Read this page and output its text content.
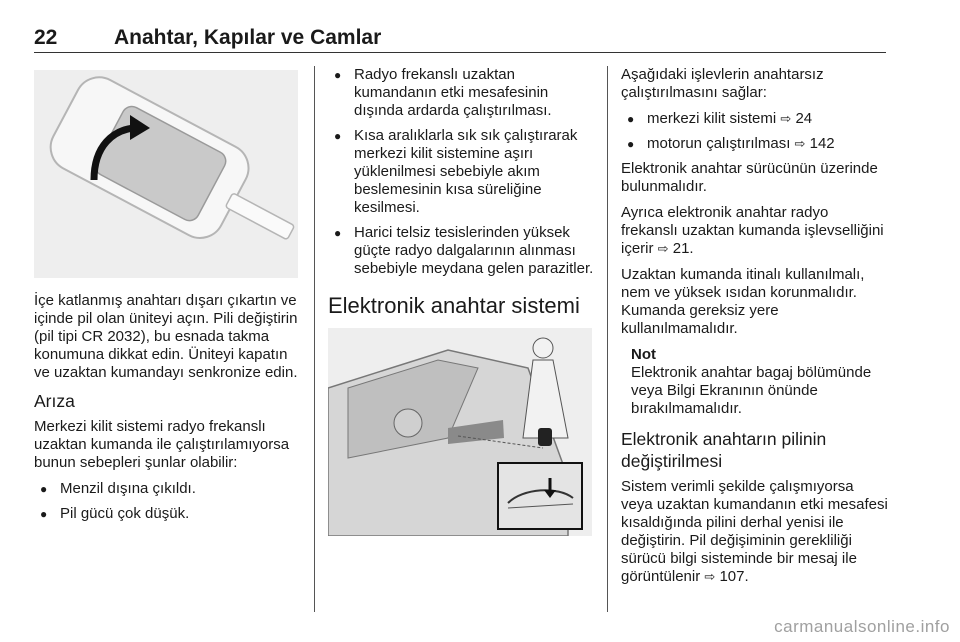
22	Anahtar, Kapılar ve Camlar

İçe katlanmış anahtarı dışarı çıkartın ve içinde pil olan üniteyi açın. Pili değiştirin (pil tipi CR 2032), bu esnada takma konumuna dikkat edin. Üniteyi kapatın ve uzaktan kumandayı senkronize edin.

Arıza

Merkezi kilit sistemi radyo frekanslı uzaktan kumanda ile çalıştırılamıyorsa bunun sebepleri şunlar olabilir:

● Menzil dışına çıkıldı.
● Pil gücü çok düşük.
● Radyo frekanslı uzaktan kumandanın etki mesafesinin dışında ardarda çalıştırılması.
● Kısa aralıklarla sık sık çalıştırarak merkezi kilit sistemine aşırı yüklenilmesi sebebiyle akım beslemesinin kısa süreliğine kesilmesi.
● Harici telsiz tesislerinden yüksek güçte radyo dalgalarının alınması sebebiyle meydana gelen parazitler.
Elektronik anahtar sistemi

Aşağıdaki işlevlerin anahtarsız çalıştırılmasını sağlar:

● merkezi kilit sistemi ⇨ 24
● motorun çalıştırılması ⇨ 142

Elektronik anahtar sürücünün üzerinde bulunmalıdır.

Ayrıca elektronik anahtar radyo frekanslı uzaktan kumanda işlevselliğini içerir ⇨ 21.

Uzaktan kumanda itinalı kullanılmalı, nem ve yüksek ısıdan korunmalıdır. Kumanda gereksiz yere kullanılmamalıdır.

Not
Elektronik anahtar bagaj bölümünde veya Bilgi Ekranının önünde bırakılmamalıdır.
Elektronik anahtarın pilinin değiştirilmesi

Sistem verimli şekilde çalışmıyorsa veya uzaktan kumandanın etki mesafesi kısaldığında pilini derhal yenisi ile değiştirin. Pil değişiminin gerekliliği sürücü bilgi sisteminde bir mesaj ile görüntülenir ⇨ 107.

carmanualsonline.info
